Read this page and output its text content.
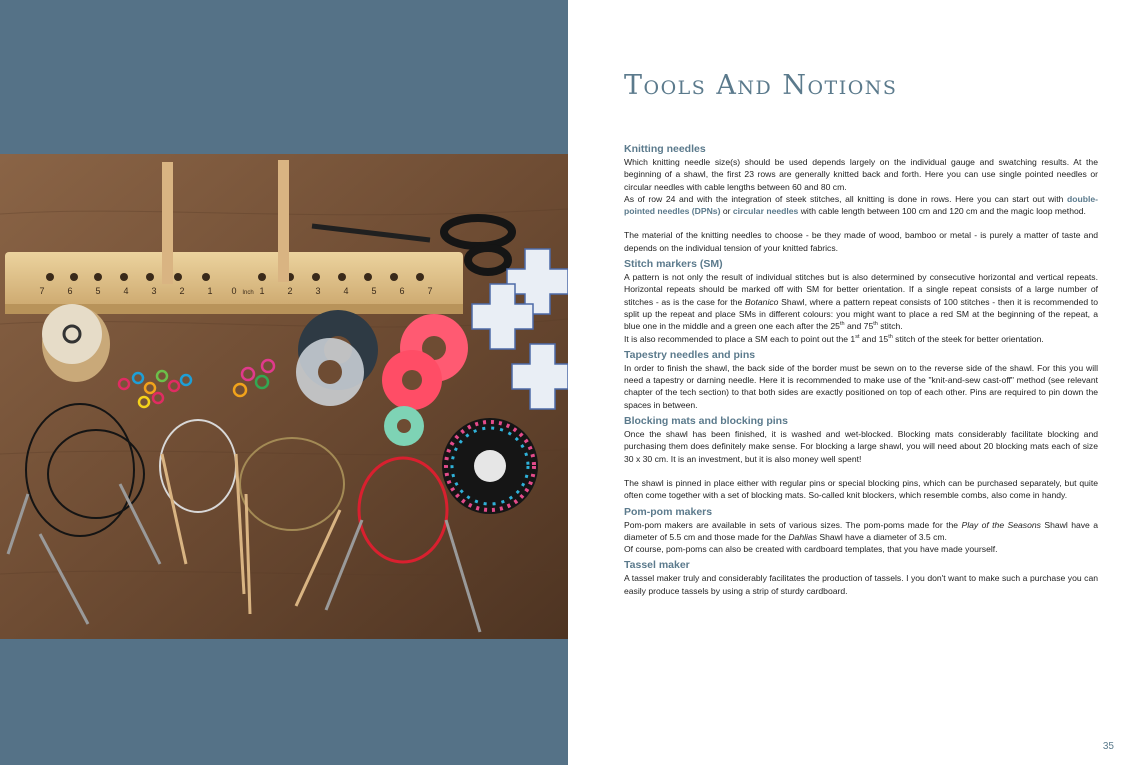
7	6	5	4	3	2	1 0	1	2	3	4	5	6	7
Inch
Tools And Notions
Knitting needles

Which knitting needle size(s) should be used depends largely on the individual gauge and swatching results. At the beginning of a shawl, the first 23 rows are generally knitted back and forth. Here you can use single pointed needles or circular needles with cable lengths between 60 and 80 cm.

As of row 24 and with the integration of steek stitches, all knitting is done in rows. Here you can start out with double-pointed needles (DPNs) or circular needles with cable length between 100 cm and 120 cm and the magic loop method.

The material of the knitting needles to choose - be they made of wood, bamboo or metal - is purely a matter of taste and depends on the individual tension of your knitted fabrics.

Stitch markers (SM)

A pattern is not only the result of individual stitches but is also determined by consecutive horizontal and vertical repeats. Horizontal repeats should be marked off with SM for better orientation. If a single repeat consists of a large number of stitches - as is the case for the Botanico Shawl, where a pattern repeat consists of 100 stitches - then it is recommended to split up the repeat and place SMs in different colours: you might want to place a red SM at the beginning of the repeat, a blue one in the middle and a green one each after the 25th and 75th stitch.

It is also recommended to place a SM each to point out the 1st and 15th stitch of the steek for better orientation.

Tapestry needles and pins

In order to finish the shawl, the back side of the border must be sewn on to the reverse side of the shawl. For this you will need a tapestry or darning needle. Here it is recommended to make use of the "knit-and-sew cast-off" method (see relevant chapter of the tech section) to that both sides are exactly positioned on top of each other. Pins are required to pin down the spaces in between.

Blocking mats and blocking pins

Once the shawl has been finished, it is washed and wet-blocked. Blocking mats considerably facilitate blocking and purchasing them does definitely make sense. For blocking a large shawl, you will need about 20 blocking mats each of size 30 x 30 cm. It is an investment, but it is also money well spent!

The shawl is pinned in place either with regular pins or special blocking pins, which can be purchased separately, but quite often come together with a set of blocking mats. So-called knit blockers, which resemble combs, also come in handy.

Pom-pom makers

Pom-pom makers are available in sets of various sizes. The pom-poms made for the Play of the Seasons Shawl have a diameter of 5.5 cm and those made for the Dahlias Shawl have a diameter of 3.5 cm.

Of course, pom-poms can also be created with cardboard templates, that you have made yourself.

Tassel maker

A tassel maker truly and considerably facilitates the production of tassels. I you don't want to make such a purchase you can easily produce tassels by using a strip of sturdy cardboard.

35
